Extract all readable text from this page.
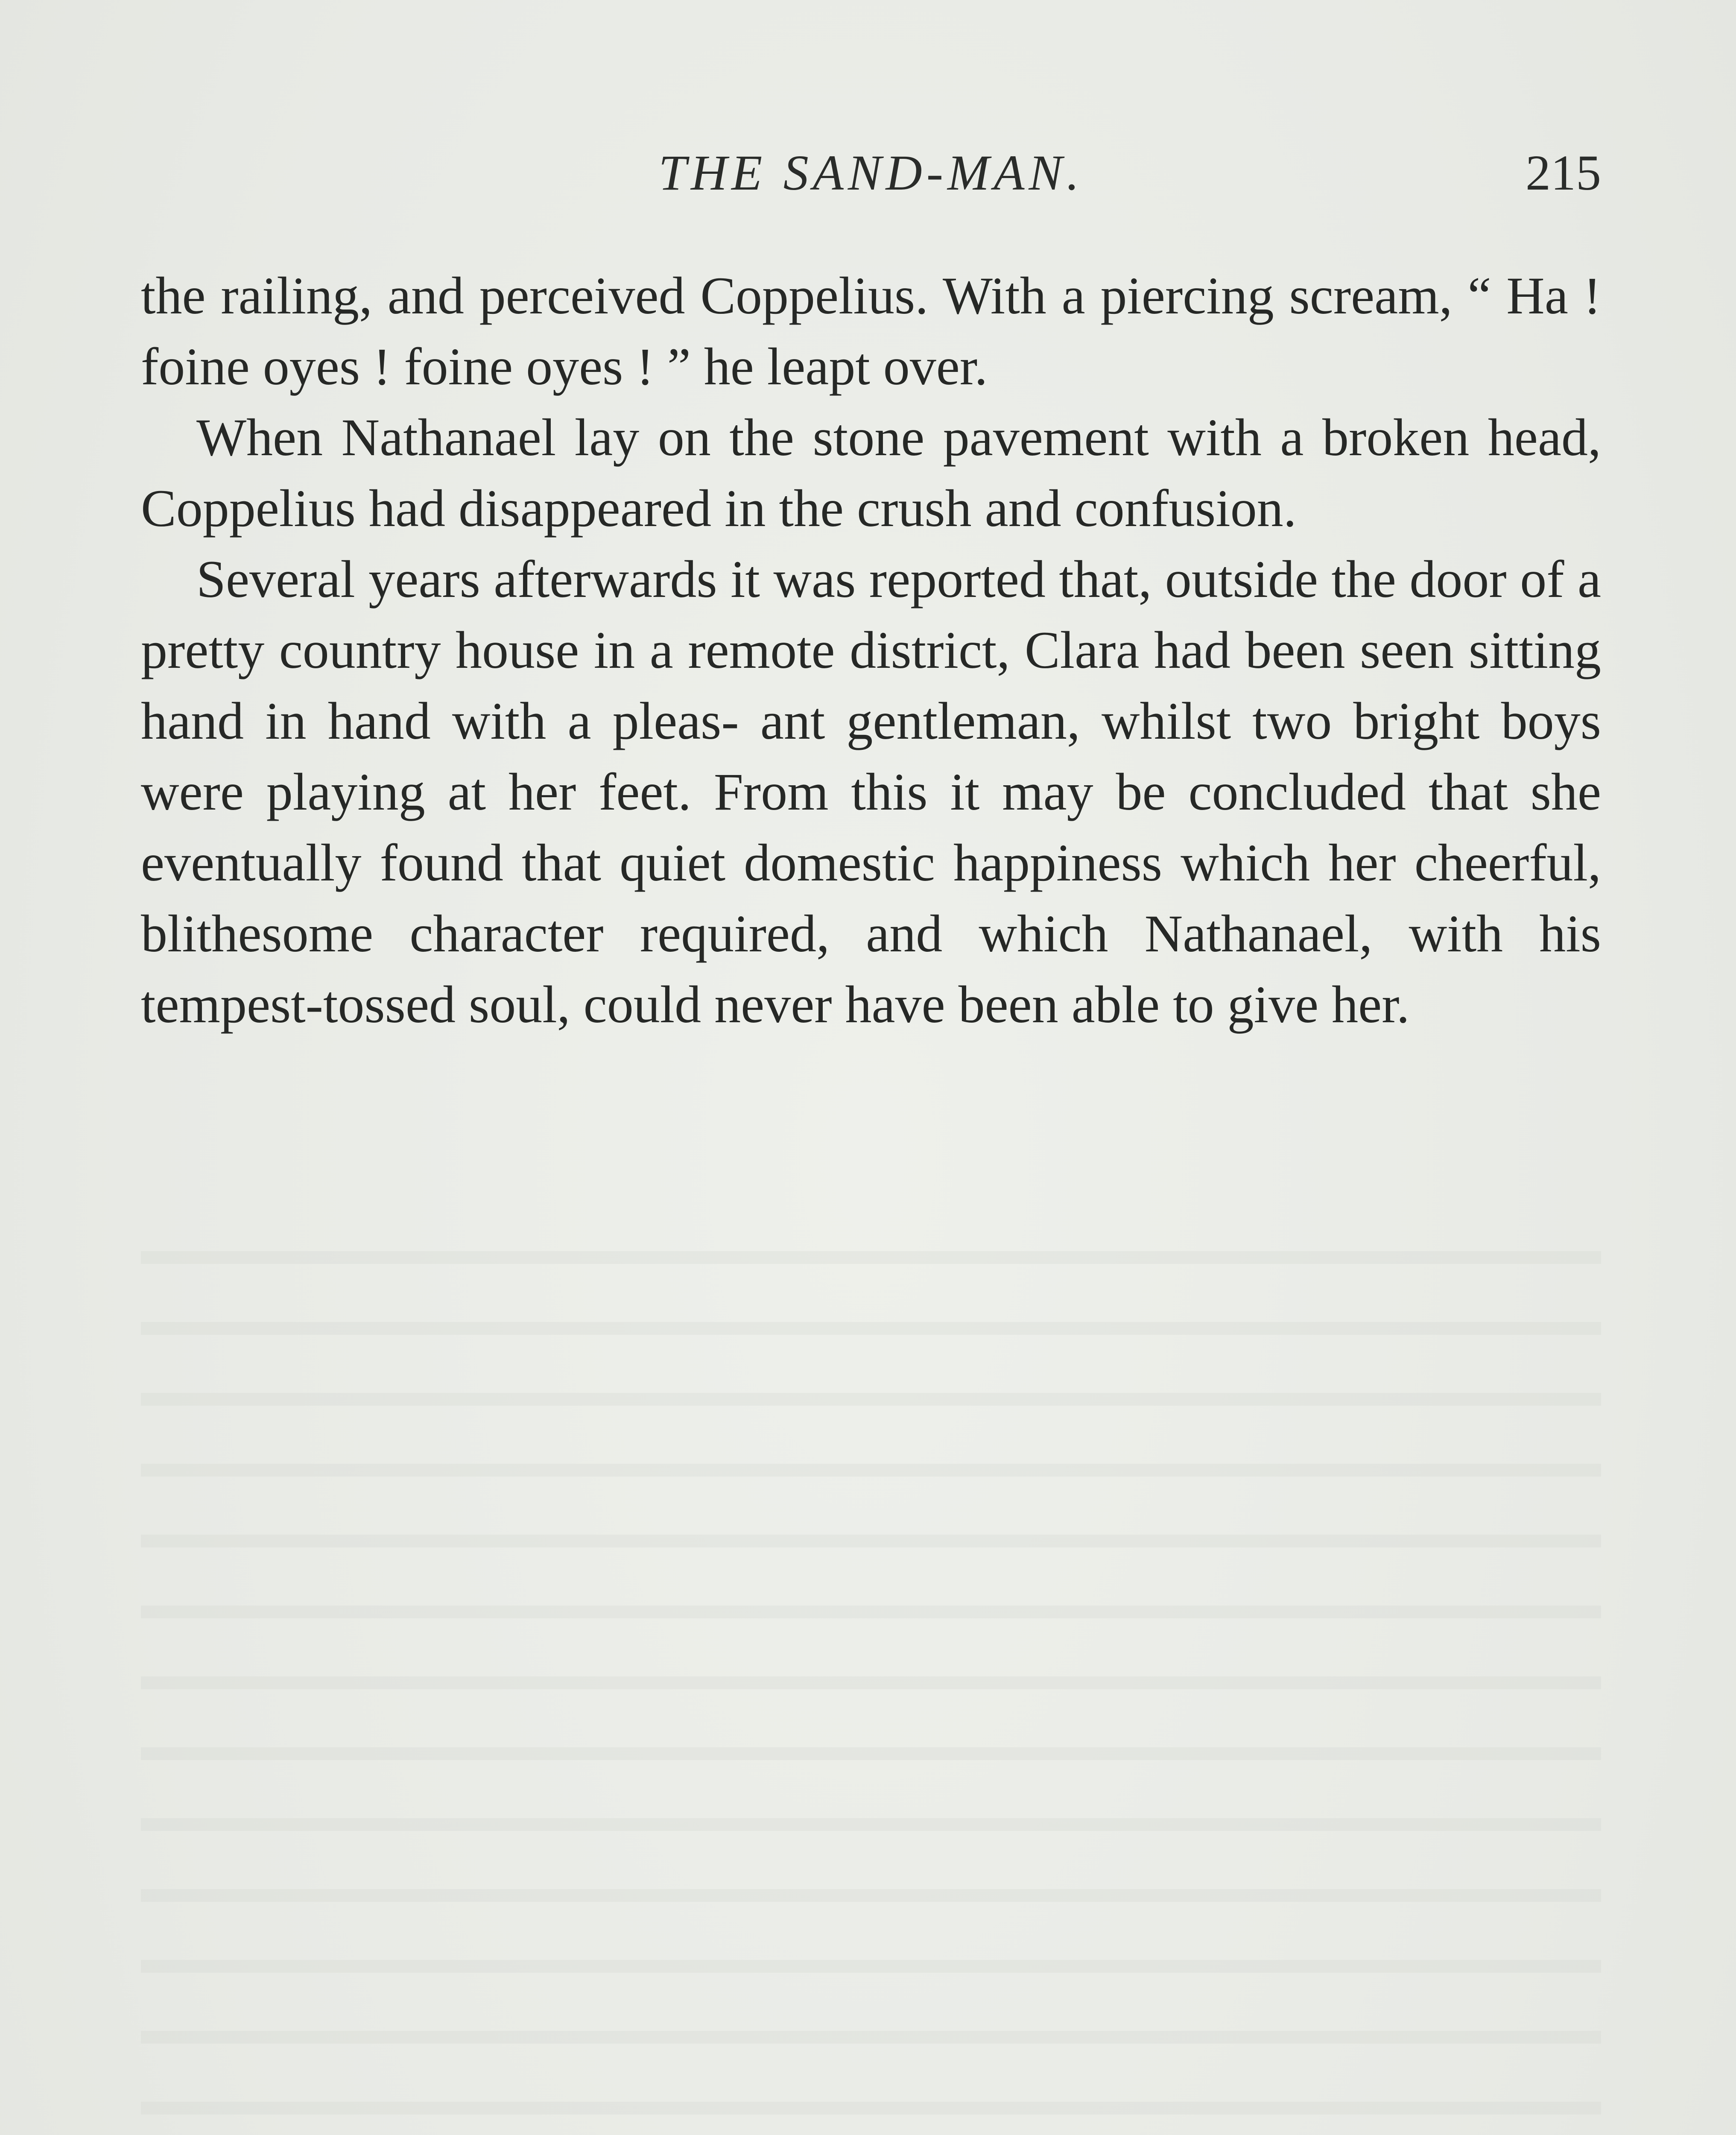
THE SAND-MAN.	215

the railing, and perceived Coppelius. With a piercing scream, “ Ha ! foine oyes ! foine oyes ! ” he leapt over.

When Nathanael lay on the stone pavement with a broken head, Coppelius had disappeared in the crush and confusion.

Several years afterwards it was reported that, outside the door of a pretty country house in a remote district, Clara had been seen sitting hand in hand with a pleas- ant gentleman, whilst two bright boys were playing at her feet. From this it may be concluded that she eventually found that quiet domestic happiness which her cheerful, blithesome character required, and which Nathanael, with his tempest-tossed soul, could never have been able to give her.
